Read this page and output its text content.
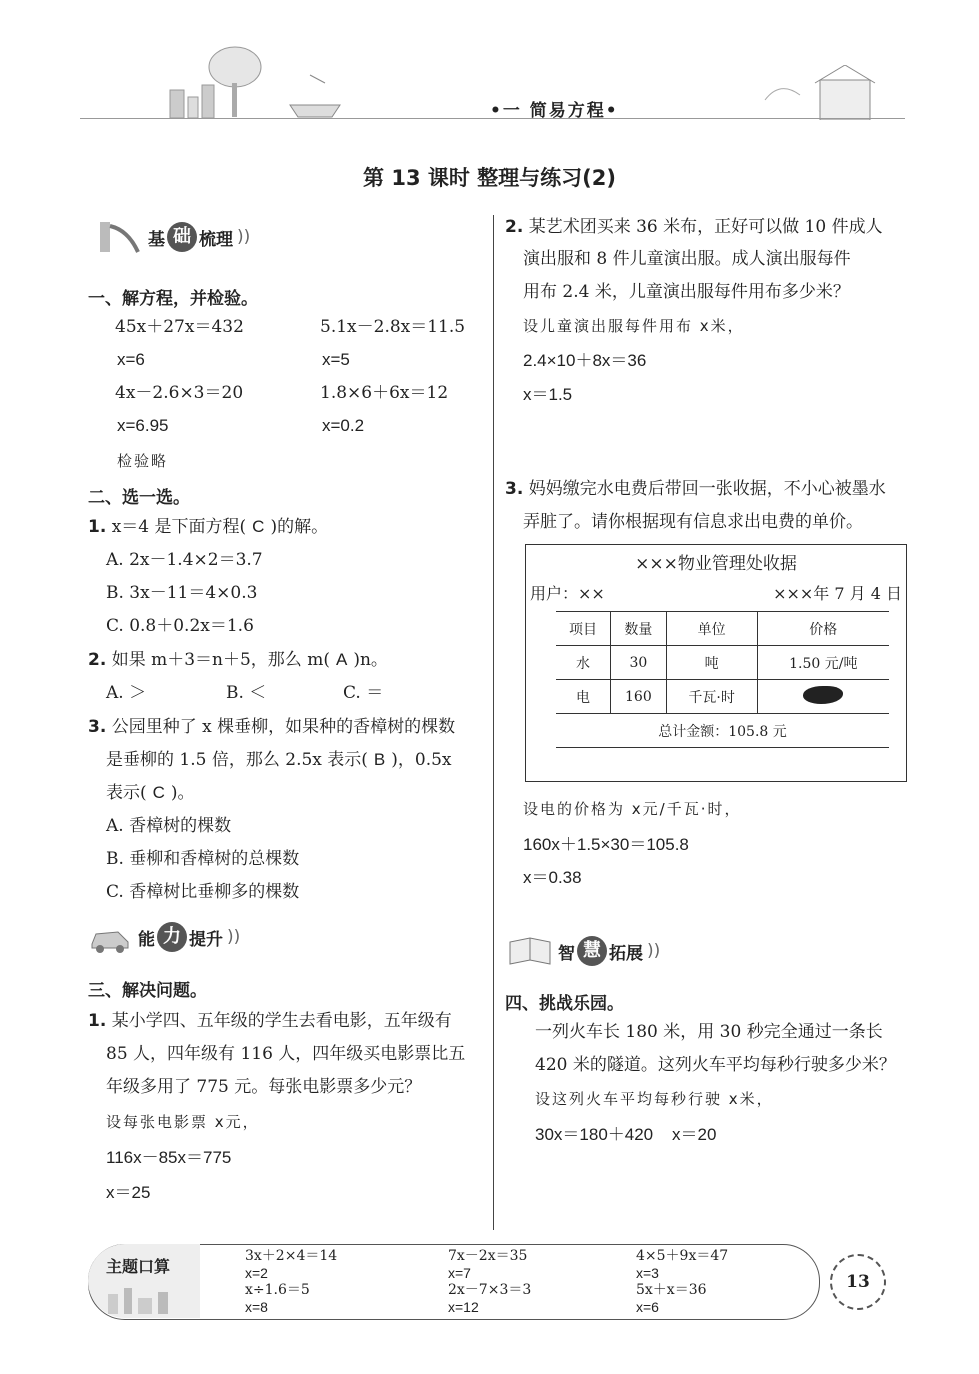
•一 简易方程•
第 13 课时 整理与练习(2)
基 础 梳理 ))
一、解方程，并检验。
45x＋27x＝432	5.1x－2.8x＝11.5
x=6	x=5
4x－2.6×3＝20	1.8×6＋6x＝12
x=6.95	x=0.2
检验略
二、选一选。
1. x＝4 是下面方程( C )的解。
A. 2x－1.4×2＝3.7
B. 3x－11＝4×0.3
C. 0.8＋0.2x＝1.6
2. 如果 m＋3＝n＋5，那么 m( A )n。
A. ＞	B. ＜	C. ＝
3. 公园里种了 x 棵垂柳，如果种的香樟树的棵数
是垂柳的 1.5 倍，那么 2.5x 表示( B )，0.5x
表示( C )。
A. 香樟树的棵数
B. 垂柳和香樟树的总棵数
C. 香樟树比垂柳多的棵数
能 力 提升 ))
三、解决问题。
1. 某小学四、五年级的学生去看电影，五年级有
85 人，四年级有 116 人，四年级买电影票比五
年级多用了 775 元。每张电影票多少元？
设每张电影票 x元，
116x－85x＝775
x＝25
2. 某艺术团买来 36 米布，正好可以做 10 件成人
演出服和 8 件儿童演出服。成人演出服每件
用布 2.4 米，儿童演出服每件用布多少米？
设儿童演出服每件用布 x米，
2.4×10＋8x＝36
x＝1.5
3. 妈妈缴完水电费后带回一张收据，不小心被墨水
弄脏了。请你根据现有信息求出电费的单价。
×××物业管理处收据
用户：××	×××年 7 月 4 日
项目	数量	单位	价格
水	30	吨	1.50 元/吨
电	160	千瓦·时	
总计金额：105.8 元			
设电的价格为 x元/千瓦·时，
160x＋1.5×30＝105.8
x＝0.38
智 慧 拓展 ))
四、挑战乐园。
一列火车长 180 米，用 30 秒完全通过一条长
420 米的隧道。这列火车平均每秒行驶多少米？
设这列火车平均每秒行驶 x米，
30x＝180＋420    x＝20
主题口算
3x＋2×4＝14
x=2
7x－2x＝35
x=7
4×5＋9x＝47
x=3
x÷1.6＝5
x=8
2x－7×3＝3
x=12
5x＋x＝36
x=6
13
